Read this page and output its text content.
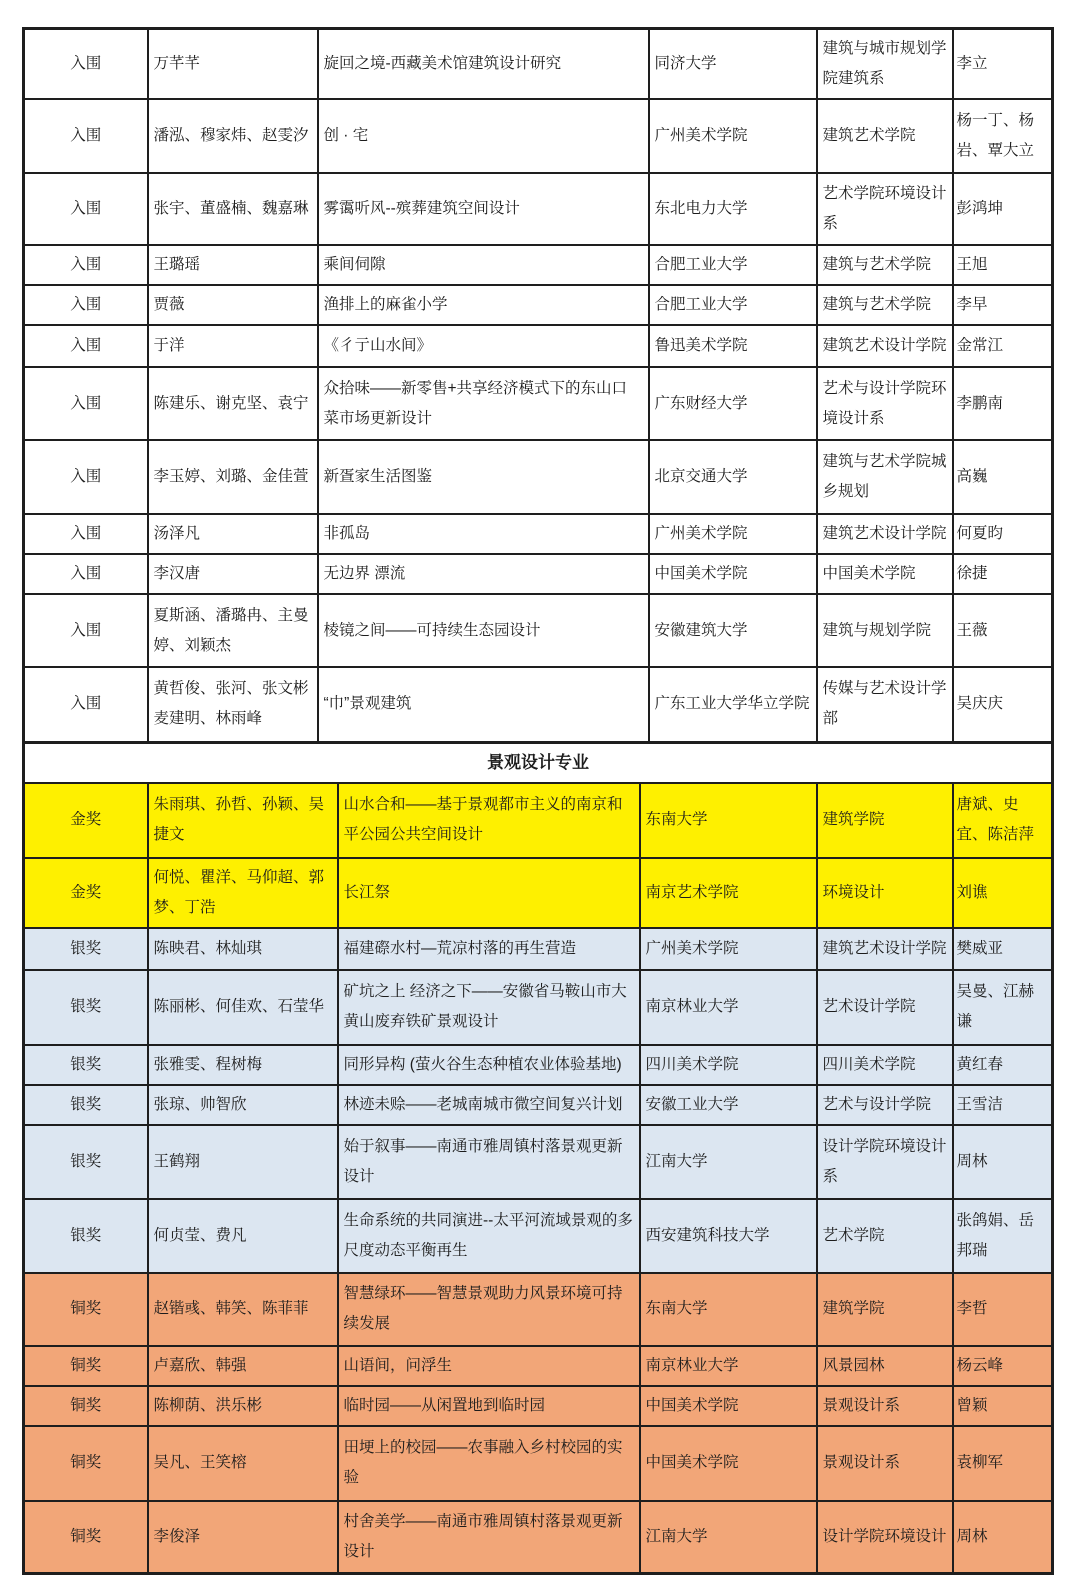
入围	万芊芊	旋回之境-西藏美术馆建筑设计研究	同济大学	建筑与城市规划学院建筑系	李立
入围	潘泓、穆家炜、赵雯汐	创 · 宅	广州美术学院	建筑艺术学院	杨一丁、杨岩、覃大立
入围	张宇、董盛楠、魏嘉琳	雾霭听风--殡葬建筑空间设计	东北电力大学	艺术学院环境设计系	彭鸿坤
入围	王璐瑶	乘间伺隙	合肥工业大学	建筑与艺术学院	王旭
入围	贾薇	渔排上的麻雀小学	合肥工业大学	建筑与艺术学院	李早
入围	于洋	《彳亍山水间》	鲁迅美术学院	建筑艺术设计学院	金常江
入围	陈建乐、谢克坚、袁宁	众拾味——新零售+共享经济模式下的东山口菜市场更新设计	广东财经大学	艺术与设计学院环境设计系	李鹏南
入围	李玉婷、刘璐、金佳萱	新疍家生活图鉴	北京交通大学	建筑与艺术学院城乡规划	高巍
入围	汤泽凡	非孤岛	广州美术学院	建筑艺术设计学院	何夏昀
入围	李汉唐	无边界 漂流	中国美术学院	中国美术学院	徐捷
入围	夏斯涵、潘璐冉、主曼婷、刘颖杰	棱镜之间——可持续生态园设计	安徽建筑大学	建筑与规划学院	王薇
入围	黄哲俊、张河、张文彬麦建明、林雨峰	“巾”景观建筑	广东工业大学华立学院	传媒与艺术设计学部	吴庆庆
景观设计专业					
金奖	朱雨琪、孙哲、孙颖、吴捷文	山水合和——基于景观都市主义的南京和平公园公共空间设计	东南大学	建筑学院	唐斌、史宜、陈洁萍
金奖	何悦、瞿洋、马仰超、郭梦、丁浩	长江祭	南京艺术学院	环境设计	刘谯
银奖	陈映君、林灿琪	福建磜水村—荒凉村落的再生营造	广州美术学院	建筑艺术设计学院	樊威亚
银奖	陈丽彬、何佳欢、石莹华	矿坑之上 经济之下——安徽省马鞍山市大黄山废弃铁矿景观设计	南京林业大学	艺术设计学院	吴曼、江赫谦
银奖	张雅雯、程树梅	同形异构 (萤火谷生态种植农业体验基地)	四川美术学院	四川美术学院	黄红春
银奖	张琼、帅智欣	林迹未赊——老城南城市微空间复兴计划	安徽工业大学	艺术与设计学院	王雪洁
银奖	王鹤翔	始于叙事——南通市雅周镇村落景观更新设计	江南大学	设计学院环境设计系	周林
银奖	何贞莹、费凡	生命系统的共同演进--太平河流域景观的多尺度动态平衡再生	西安建筑科技大学	艺术学院	张鸽娟、岳邦瑞
铜奖	赵锴彧、韩笑、陈菲菲	智慧绿环——智慧景观助力风景环境可持续发展	东南大学	建筑学院	李哲
铜奖	卢嘉欣、韩强	山语间，问浮生	南京林业大学	风景园林	杨云峰
铜奖	陈柳荫、洪乐彬	临时园——从闲置地到临时园	中国美术学院	景观设计系	曾颖
铜奖	吴凡、王笑榕	田埂上的校园——农事融入乡村校园的实验	中国美术学院	景观设计系	袁柳军
铜奖	李俊泽	村舍美学——南通市雅周镇村落景观更新设计	江南大学	设计学院环境设计	周林
